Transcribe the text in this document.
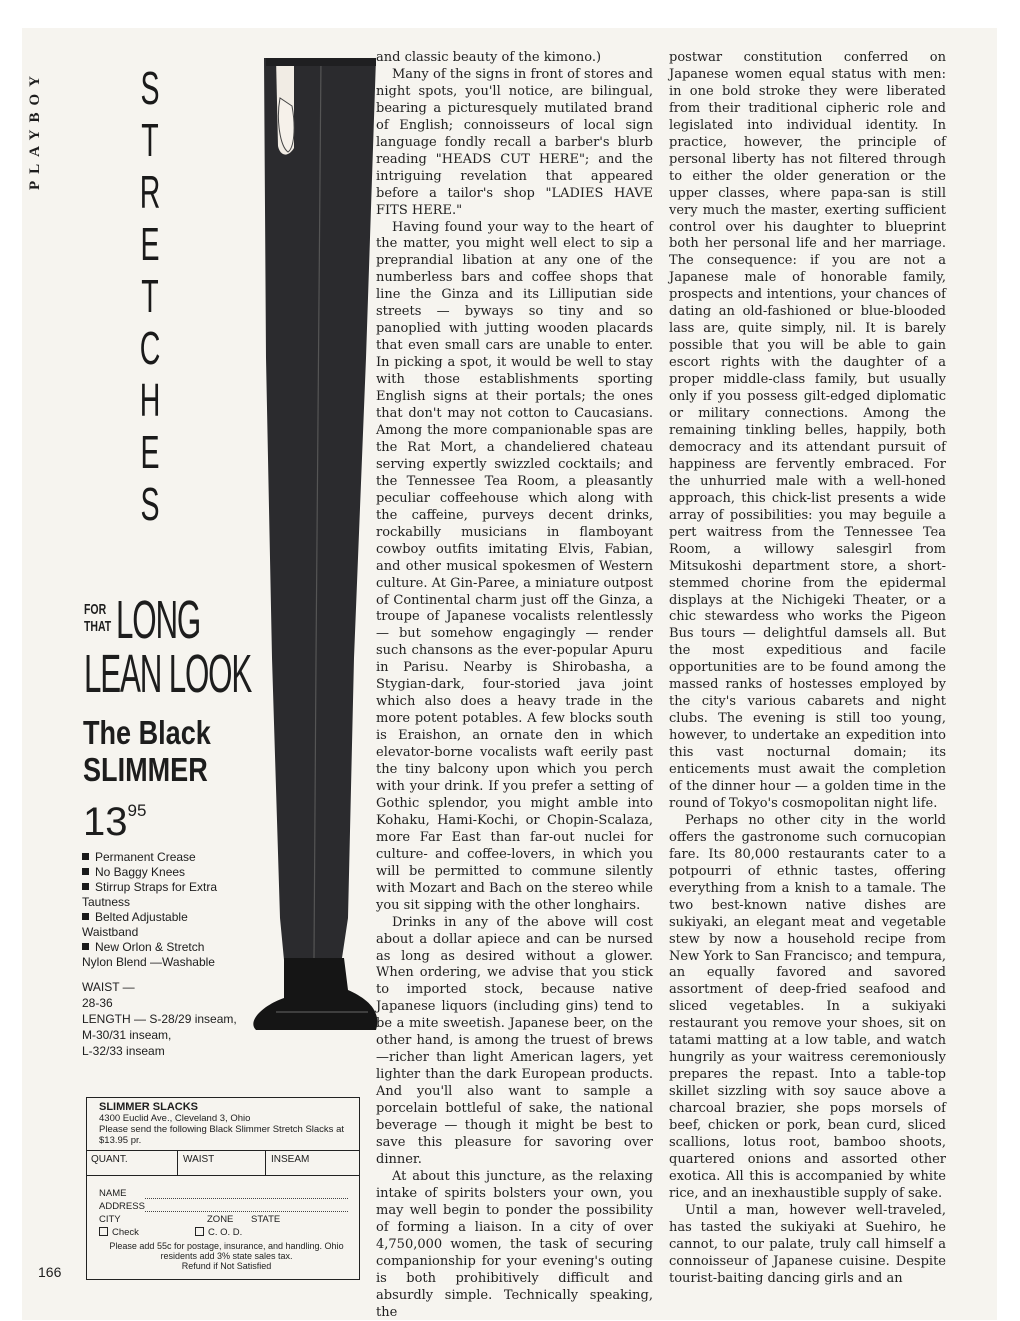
PLAYBOY S
T
R
E
T
C
H
E
S
FOR THAT LONG
LEAN LOOK
The Black
SLIMMER
$13^{95}$
Permanent Crease
No Baggy Knees
Stirrup Straps for Extra Tautness
Belted Adjustable Waistband
New Orlon & Stretch Nylon Blend —Washable
WAIST —
28-36
LENGTH — S-28/29 inseam,
M-30/31 inseam,
L-32/33 inseam
SLIMMER SLACKS
4300 Euclid Ave., Cleveland 3, Ohio
Please send the following Black Slimmer Stretch Slacks at $13.95 pr.
QUANT.	WAIST	INSEAM
NAME
ADDRESS
CITY	ZONE STATE
Check	C. O. D.
Please add 55c for postage, insurance, and handling. Ohio residents add 3% state sales tax.
Refund if Not Satisfied

and classic beauty of the kimono.)

Many of the signs in front of stores and night spots, you'll notice, are bilingual, bearing a picturesquely mutilated brand of English; connoisseurs of local sign language fondly recall a barber's blurb reading "HEADS CUT HERE"; and the intriguing revelation that appeared before a tailor's shop "LADIES HAVE FITS HERE."

Having found your way to the heart of the matter, you might well elect to sip a preprandial libation at any one of the numberless bars and coffee shops that line the Ginza and its Lilliputian side streets — byways so tiny and so panoplied with jutting wooden placards that even small cars are unable to enter. In picking a spot, it would be well to stay with those establishments sporting English signs at their portals; the ones that don't may not cotton to Caucasians. Among the more companionable spas are the Rat Mort, a chandeliered chateau serving expertly swizzled cocktails; and the Tennessee Tea Room, a pleasantly peculiar coffeehouse which along with the caffeine, purveys decent drinks, rockabilly musicians in flamboyant cowboy outfits imitating Elvis, Fabian, and other musical spokesmen of Western culture. At Gin-Paree, a miniature outpost of Continental charm just off the Ginza, a troupe of Japanese vocalists relentlessly — but somehow engagingly — render such chansons as the ever-popular Apuru in Parisu. Nearby is Shirobasha, a Stygian-dark, four-storied java joint which also does a heavy trade in the more potent potables. A few blocks south is Eraishon, an ornate den in which elevator-borne vocalists waft eerily past the tiny balcony upon which you perch with your drink. If you prefer a setting of Gothic splendor, you might amble into Kohaku, Hami-Kochi, or Chopin-Scalaza, more Far East than far-out nuclei for culture- and coffee-lovers, in which you will be permitted to commune silently with Mozart and Bach on the stereo while you sit sipping with the other longhairs.

Drinks in any of the above will cost about a dollar apiece and can be nursed as long as desired without a glower. When ordering, we advise that you stick to imported stock, because native Japanese liquors (including gins) tend to be a mite sweetish. Japanese beer, on the other hand, is among the truest of brews—richer than light American lagers, yet lighter than the dark European products. And you'll also want to sample a porcelain bottleful of sake, the national beverage — though it might be best to save this pleasure for savoring over dinner.

At about this juncture, as the relaxing intake of spirits bolsters your own, you may well begin to ponder the possibility of forming a liaison. In a city of over 4,750,000 women, the task of securing companionship for your evening's outing is both prohibitively difficult and absurdly simple. Technically speaking, the

postwar constitution conferred on Japanese women equal status with men: in one bold stroke they were liberated from their traditional cipheric role and legislated into individual identity. In practice, however, the principle of personal liberty has not filtered through to either the older generation or the upper classes, where papa-san is still very much the master, exerting sufficient control over his daughter to blueprint both her personal life and her marriage. The consequence: if you are not a Japanese male of honorable family, prospects and intentions, your chances of dating an old-fashioned or blue-blooded lass are, quite simply, nil. It is barely possible that you will be able to gain escort rights with the daughter of a proper middle-class family, but usually only if you possess gilt-edged diplomatic or military connections. Among the remaining tinkling belles, happily, both democracy and its attendant pursuit of happiness are fervently embraced. For the unhurried male with a well-honed approach, this chick-list presents a wide array of possibilities: you may beguile a pert waitress from the Tennessee Tea Room, a willowy salesgirl from Mitsukoshi department store, a short-stemmed chorine from the epidermal displays at the Nichigeki Theater, or a chic stewardess who works the Pigeon Bus tours — delightful damsels all. But the most expeditious and facile opportunities are to be found among the massed ranks of hostesses employed by the city's various cabarets and night clubs. The evening is still too young, however, to undertake an expedition into this vast nocturnal domain; its enticements must await the completion of the dinner hour — a golden time in the round of Tokyo's cosmopolitan night life.

Perhaps no other city in the world offers the gastronome such cornucopian fare. Its 80,000 restaurants cater to a potpourri of ethnic tastes, offering everything from a knish to a tamale. The two best-known native dishes are sukiyaki, an elegant meat and vegetable stew by now a household recipe from New York to San Francisco; and tempura, an equally favored and savored assortment of deep-fried seafood and sliced vegetables. In a sukiyaki restaurant you remove your shoes, sit on tatami matting at a low table, and watch hungrily as your waitress ceremoniously prepares the repast. Into a table-top skillet sizzling with soy sauce above a charcoal brazier, she pops morsels of beef, chicken or pork, bean curd, sliced scallions, lotus root, bamboo shoots, quartered onions and assorted other exotica. All this is accompanied by white rice, and an inexhaustible supply of sake.

Until a man, however well-traveled, has tasted the sukiyaki at Suehiro, he cannot, to our palate, truly call himself a connoisseur of Japanese cuisine. Despite tourist-baiting dancing girls and an

166
